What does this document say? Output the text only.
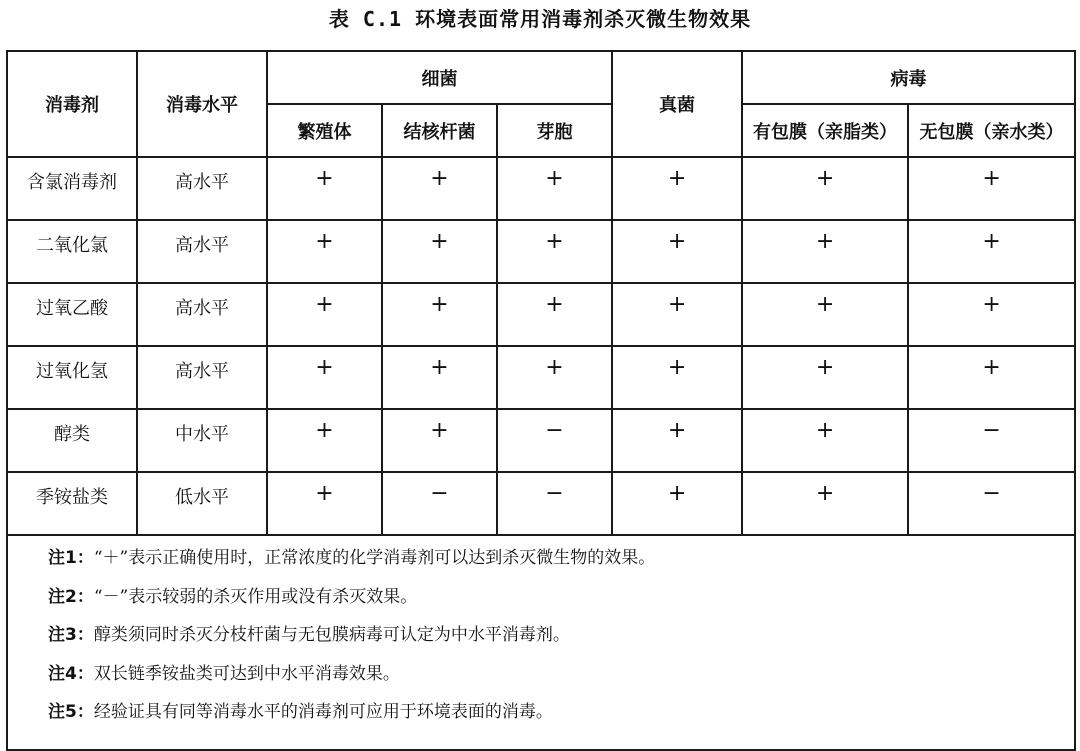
表 C.1 环境表面常用消毒剂杀灭微生物效果
消毒剂	消毒水平	细菌			真菌	病毒	
		繁殖体	结核杆菌	芽胞		有包膜（亲脂类）	无包膜（亲水类）
含氯消毒剂	高水平	+	+	+	+	+	+
二氧化氯	高水平	+	+	+	+	+	+
过氧乙酸	高水平	+	+	+	+	+	+
过氧化氢	高水平	+	+	+	+	+	+
醇类	中水平	+	+	−	+	+	−
季铵盐类	低水平	+	−	−	+	+	−

注1：“＋”表示正确使用时，正常浓度的化学消毒剂可以达到杀灭微生物的效果。
注2：“－”表示较弱的杀灭作用或没有杀灭效果。
注3：醇类须同时杀灭分枝杆菌与无包膜病毒可认定为中水平消毒剂。
注4：双长链季铵盐类可达到中水平消毒效果。
注5：经验证具有同等消毒水平的消毒剂可应用于环境表面的消毒。							
